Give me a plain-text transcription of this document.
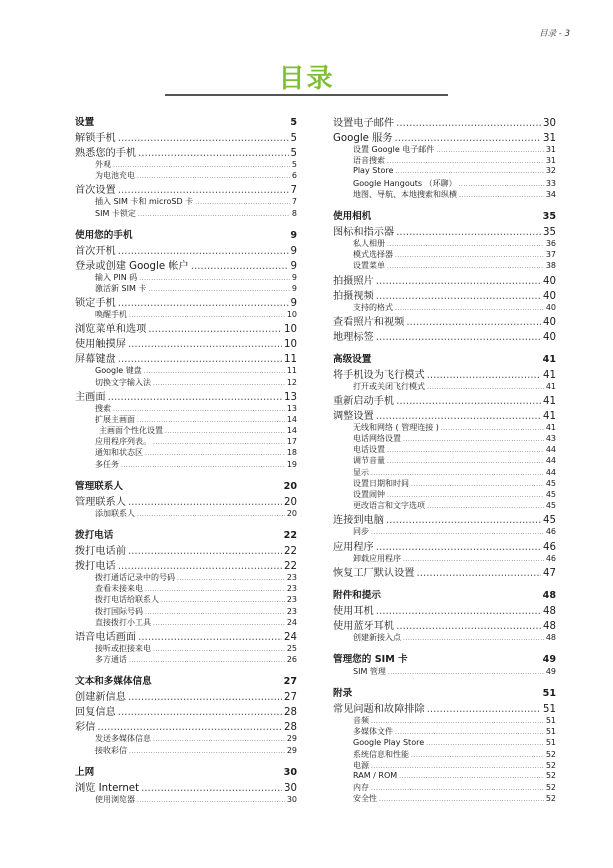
目录 - 3
目录
设置	5
解锁手机 .....	5
熟悉您的手机 .....	5
外观 .....	5
为电池充电 .....	6
首次设置 .....	7
插入 SIM 卡和 microSD 卡 .....	7
SIM 卡锁定 .....	8
使用您的手机	9
首次开机 .....	9
登录或创建 Google 帐户 .....	9
输入 PIN 码 .....	9
激活新 SIM 卡 .....	9
锁定手机 .....	9
唤醒手机 .....	10
浏览菜单和选项 .....	10
使用触摸屏 .....	10
屏幕键盘 .....	11
Google 键盘 .....	11
切换文字输入法 .....	12
主画面 .....	13
搜索 .....	13
扩展主画面 .....	14
主画面个性化设置 .....	14
应用程序列表。 .....	17
通知和状态区 .....	18
多任务 .....	19
管理联系人	20
管理联系人 .....	20
添加联系人 .....	20
拨打电话	22
拨打电话前 .....	22
拨打电话 .....	22
拨打通话记录中的号码 .....	23
查看未接来电 .....	23
拨打电话给联系人 .....	23
拨打国际号码 .....	23
直接拨打小工具 .....	24
语音电话画面 .....	24
接听或拒接来电 .....	25
多方通话 .....	26
文本和多媒体信息	27
创建新信息 .....	27
回复信息 .....	28
彩信 .....	28
发送多媒体信息 .....	29
接收彩信 .....	29
上网	30
浏览 Internet .....	30
使用浏览器 .....	30
设置电子邮件 .....	30
Google 服务 .....	31
设置 Google 电子邮件 .....	31
语音搜索 .....	31
Play Store .....	32
Google Hangouts （环聊） .....	33
地图、导航、本地搜索和纵横 .....	34
使用相机	35
图标和指示器 .....	35
私人相册 .....	36
模式选择器 .....	37
设置菜单 .....	38
拍摄照片 .....	40
拍摄视频 .....	40
支持的格式 .....	40
查看照片和视频 .....	40
地理标签 .....	40
高级设置	41
将手机设为飞行模式 .....	41
打开或关闭飞行模式 .....	41
重新启动手机 .....	41
调整设置 .....	41
无线和网络 ( 管理连接 ) .....	41
电话网络设置 .....	43
电话设置 .....	44
调节音量 .....	44
显示 .....	44
设置日期和时间 .....	45
设置闹钟 .....	45
更改语言和文字选项 .....	45
连接到电脑 .....	45
同步 .....	46
应用程序 .....	46
卸载应用程序 .....	46
恢复工厂默认设置 .....	47
附件和提示	48
使用耳机 .....	48
使用蓝牙耳机 .....	48
创建新接入点 .....	48
管理您的 SIM 卡	49
SIM 管理 .....	49
附录	51
常见问题和故障排除 .....	51
音频 .....	51
多媒体文件 .....	51
Google Play Store .....	51
系统信息和性能 .....	52
电源 .....	52
RAM / ROM .....	52
内存 .....	52
安全性 .....	52
